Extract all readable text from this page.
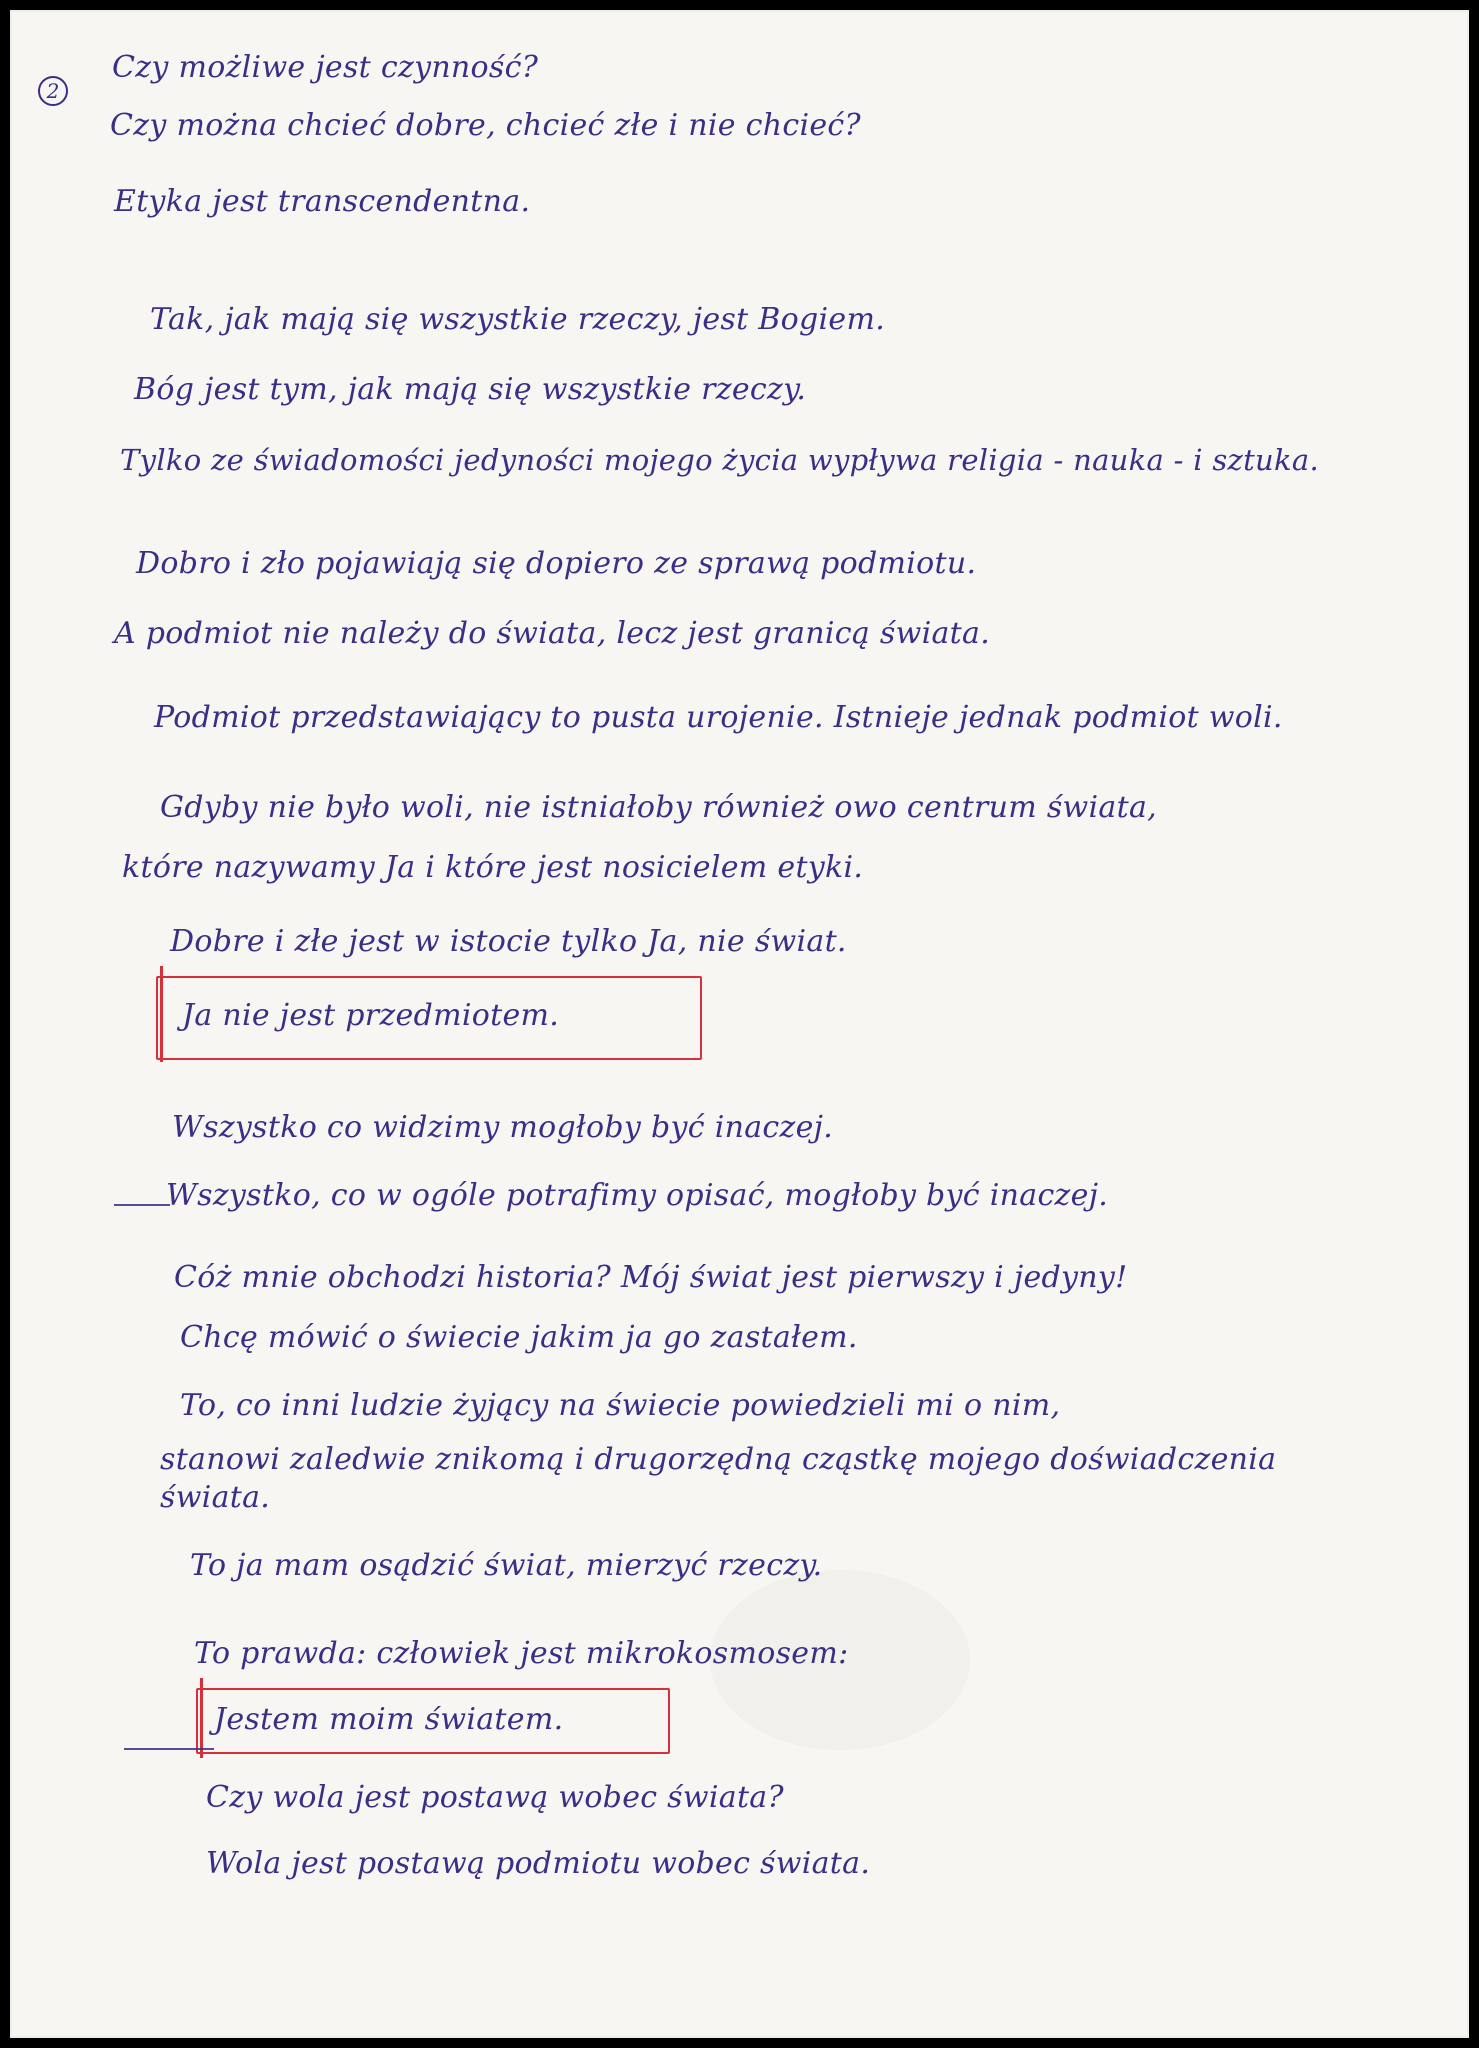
2
Czy możliwe jest czynność?
Czy można chcieć dobre, chcieć złe i nie chcieć?
Etyka jest transcendentna.
Tak, jak mają się wszystkie rzeczy, jest Bogiem.
Bóg jest tym, jak mają się wszystkie rzeczy.
Tylko ze świadomości jedyności mojego życia wypływa religia - nauka - i sztuka.
Dobro i zło pojawiają się dopiero ze sprawą podmiotu.
A podmiot nie należy do świata, lecz jest granicą świata.
Podmiot przedstawiający to pusta urojenie. Istnieje jednak podmiot woli.
Gdyby nie było woli, nie istniałoby również owo centrum świata,
które nazywamy Ja i które jest nosicielem etyki.
Dobre i złe jest w istocie tylko Ja, nie świat.
Ja nie jest przedmiotem.
Wszystko co widzimy mogłoby być inaczej.
Wszystko, co w ogóle potrafimy opisać, mogłoby być inaczej.
Cóż mnie obchodzi historia? Mój świat jest pierwszy i jedyny!
Chcę mówić o świecie jakim ja go zastałem.
To, co inni ludzie żyjący na świecie powiedzieli mi o nim,
stanowi zaledwie znikomą i drugorzędną cząstkę mojego doświadczenia
świata.
To ja mam osądzić świat, mierzyć rzeczy.
To prawda: człowiek jest mikrokosmosem:
Jestem moim światem.
Czy wola jest postawą wobec świata?
Wola jest postawą podmiotu wobec świata.
